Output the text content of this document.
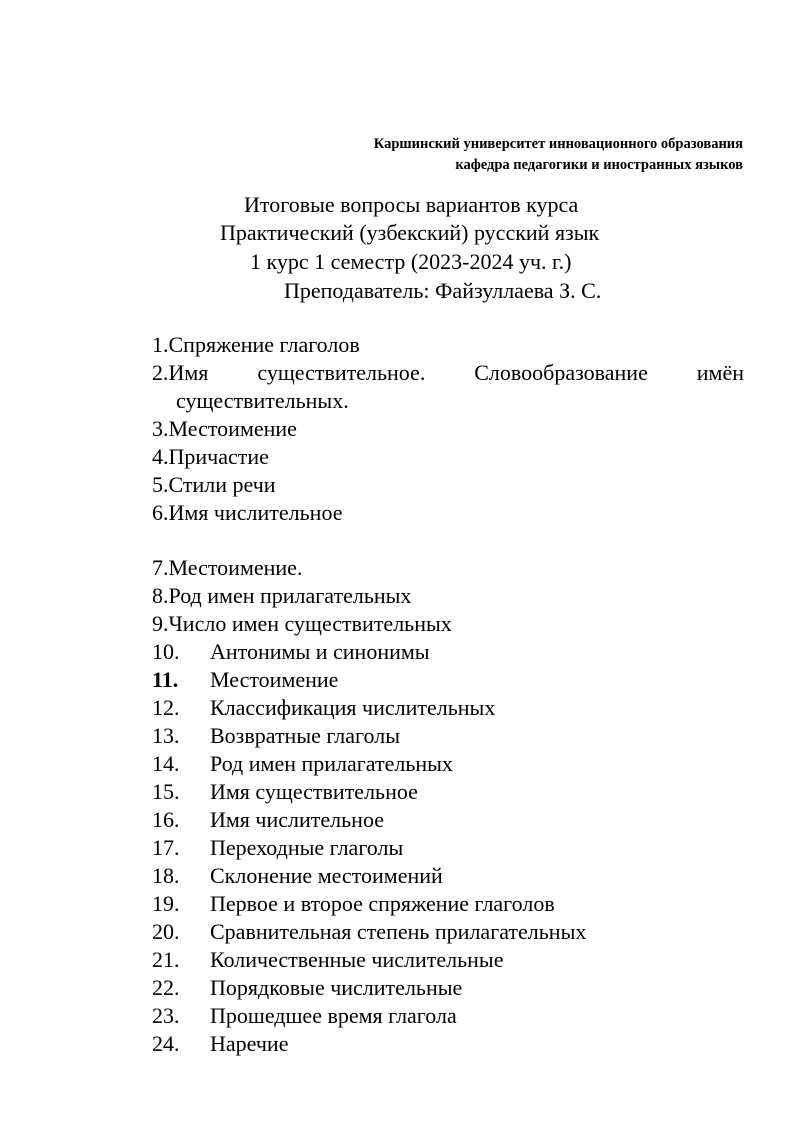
Каршинский университет инновационного образования
кафедра педагогики и иностранных языков
Итоговые вопросы вариантов курса
Практический (узбекский) русский язык
1 курс 1 семестр (2023-2024 уч. г.)
Преподаватель: Файзуллаева З. С.
1.Спряжение глаголов
2.Имя существительное. Словообразование имён
существительных.
3.Местоимение
4.Причастие
5.Стили речи
6.Имя числительное
7.Местоимение.
8.Род имен прилагательных
9.Число имен существительных
10. Антонимы и синонимы
11. Местоимение
12. Классификация числительных
13. Возвратные глаголы
14. Род имен прилагательных
15. Имя существительное
16. Имя числительное
17. Переходные глаголы
18. Склонение местоимений
19. Первое и второе спряжение глаголов
20. Сравнительная степень прилагательных
21. Количественные числительные
22. Порядковые числительные
23. Прошедшее время глагола
24. Наречие
